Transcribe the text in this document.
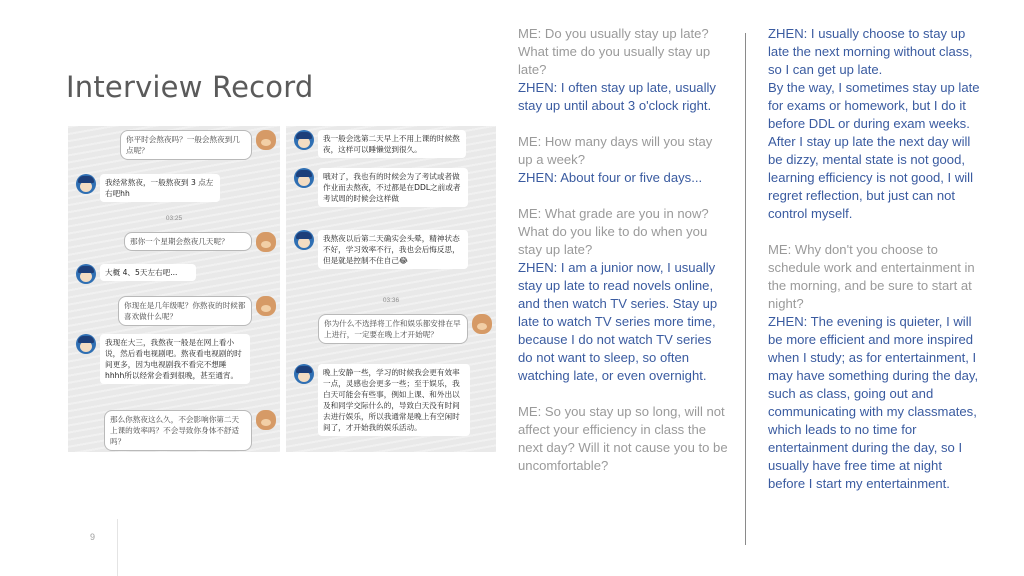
Interview Record
你平时会熬夜吗？一般会熬夜到几点呢？
我经常熬夜，一般熬夜到 3 点左右吧hh
03:25
那你一个星期会熬夜几天呢？
大概 4、5天左右吧...
你现在是几年级呢？你熬夜的时候都喜欢做什么呢？
我现在大三，我熬夜一般是在网上看小说，然后看电视剧吧。熬夜看电视剧的时间更多，因为电视剧我不看完不想睡hhhh所以经常会看到很晚，甚至通宵。
那么你熬夜这么久，不会影响你第二天上课的效率吗？不会导致你身体不舒适吗？
我一般会选第二天早上不用上课的时候熬夜，这样可以睡懒觉到很久。
哦对了，我也有的时候会为了考试或者做作业而去熬夜，不过都是在DDL之前或者考试周的时候会这样做
我熬夜以后第二天确实会头晕，精神状态不好，学习效率不行，我也会后悔反思，但是就是控制不住自己😂
03:36
你为什么不选择将工作和娱乐都安排在早上进行，一定要在晚上才开始呢？
晚上安静一些，学习的时候我会更有效率一点，灵感也会更多一些；至于娱乐，我白天可能会有些事，例如上课、和外出以及和同学交际什么的，导致白天没有时间去进行娱乐，所以我通常是晚上有空闲时间了，才开始我的娱乐活动。

ME: Do you usually stay up late? What time do you usually stay up late?

ZHEN: I often stay up late, usually stay up until about 3 o'clock right.

ME: How many days will you stay up a week?

ZHEN: About four or five days...

ME: What grade are you in now? What do you like to do when you stay up late?

ZHEN: I am a junior now, I usually stay up late to read novels online, and then watch TV series. Stay up late to watch TV series more time, because I do not watch TV series do not want to sleep, so often watching late, or even overnight.

ME: So you stay up so long, will not affect your efficiency in class the next day? Will it not cause you to be uncomfortable?

ZHEN: I usually choose to stay up late the next morning without class, so I can get up late.

By the way, I sometimes stay up late for exams or homework, but I do it before DDL or during exam weeks.

After I stay up late the next day will be dizzy, mental state is not good, learning efficiency is not good, I will regret reflection, but just can not control myself.

ME: Why don't you choose to schedule work and entertainment in the morning, and be sure to start at night?

ZHEN: The evening is quieter, I will be more efficient and more inspired when I study; as for entertainment, I may have something during the day, such as class, going out and communicating with my classmates, which leads to no time for entertainment during the day, so I usually have free time at night before I start my entertainment.

9
